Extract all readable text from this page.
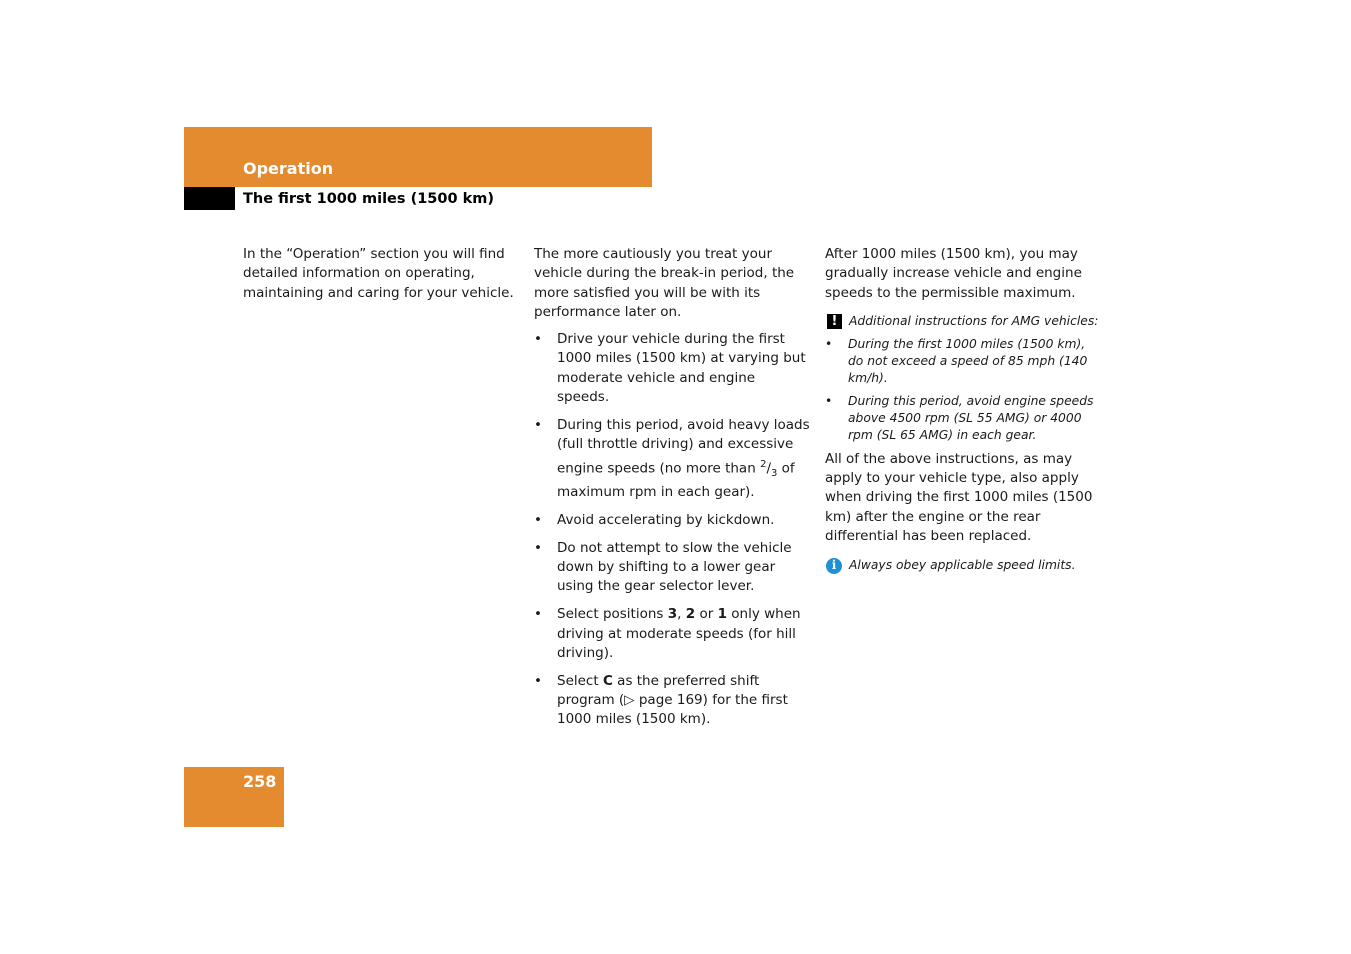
Operation
The first 1000 miles (1500 km)

In the “Operation” section you will find detailed information on operating, maintaining and caring for your vehicle.

The more cautiously you treat your vehicle during the break-in period, the more satisfied you will be with its performance later on.

• Drive your vehicle during the first 1000 miles (1500 km) at varying but moderate vehicle and engine speeds.
• During this period, avoid heavy loads (full throttle driving) and excessive engine speeds (no more than $^2/_3$ of maximum rpm in each gear).
• Avoid accelerating by kickdown.
• Do not attempt to slow the vehicle down by shifting to a lower gear using the gear selector lever.
• Select positions 3, 2 or 1 only when driving at moderate speeds (for hill driving).
• Select C as the preferred shift program (▷ page 169) for the first 1000 miles (1500 km).

After 1000 miles (1500 km), you may gradually increase vehicle and engine speeds to the permissible maximum.

! Additional instructions for AMG vehicles:
• During the first 1000 miles (1500 km), do not exceed a speed of 85 mph (140 km/h).
• During this period, avoid engine speeds above 4500 rpm (SL 55 AMG) or 4000 rpm (SL 65 AMG) in each gear.

All of the above instructions, as may apply to your vehicle type, also apply when driving the first 1000 miles (1500 km) after the engine or the rear differential has been replaced.

i	Always obey applicable speed limits.
258
